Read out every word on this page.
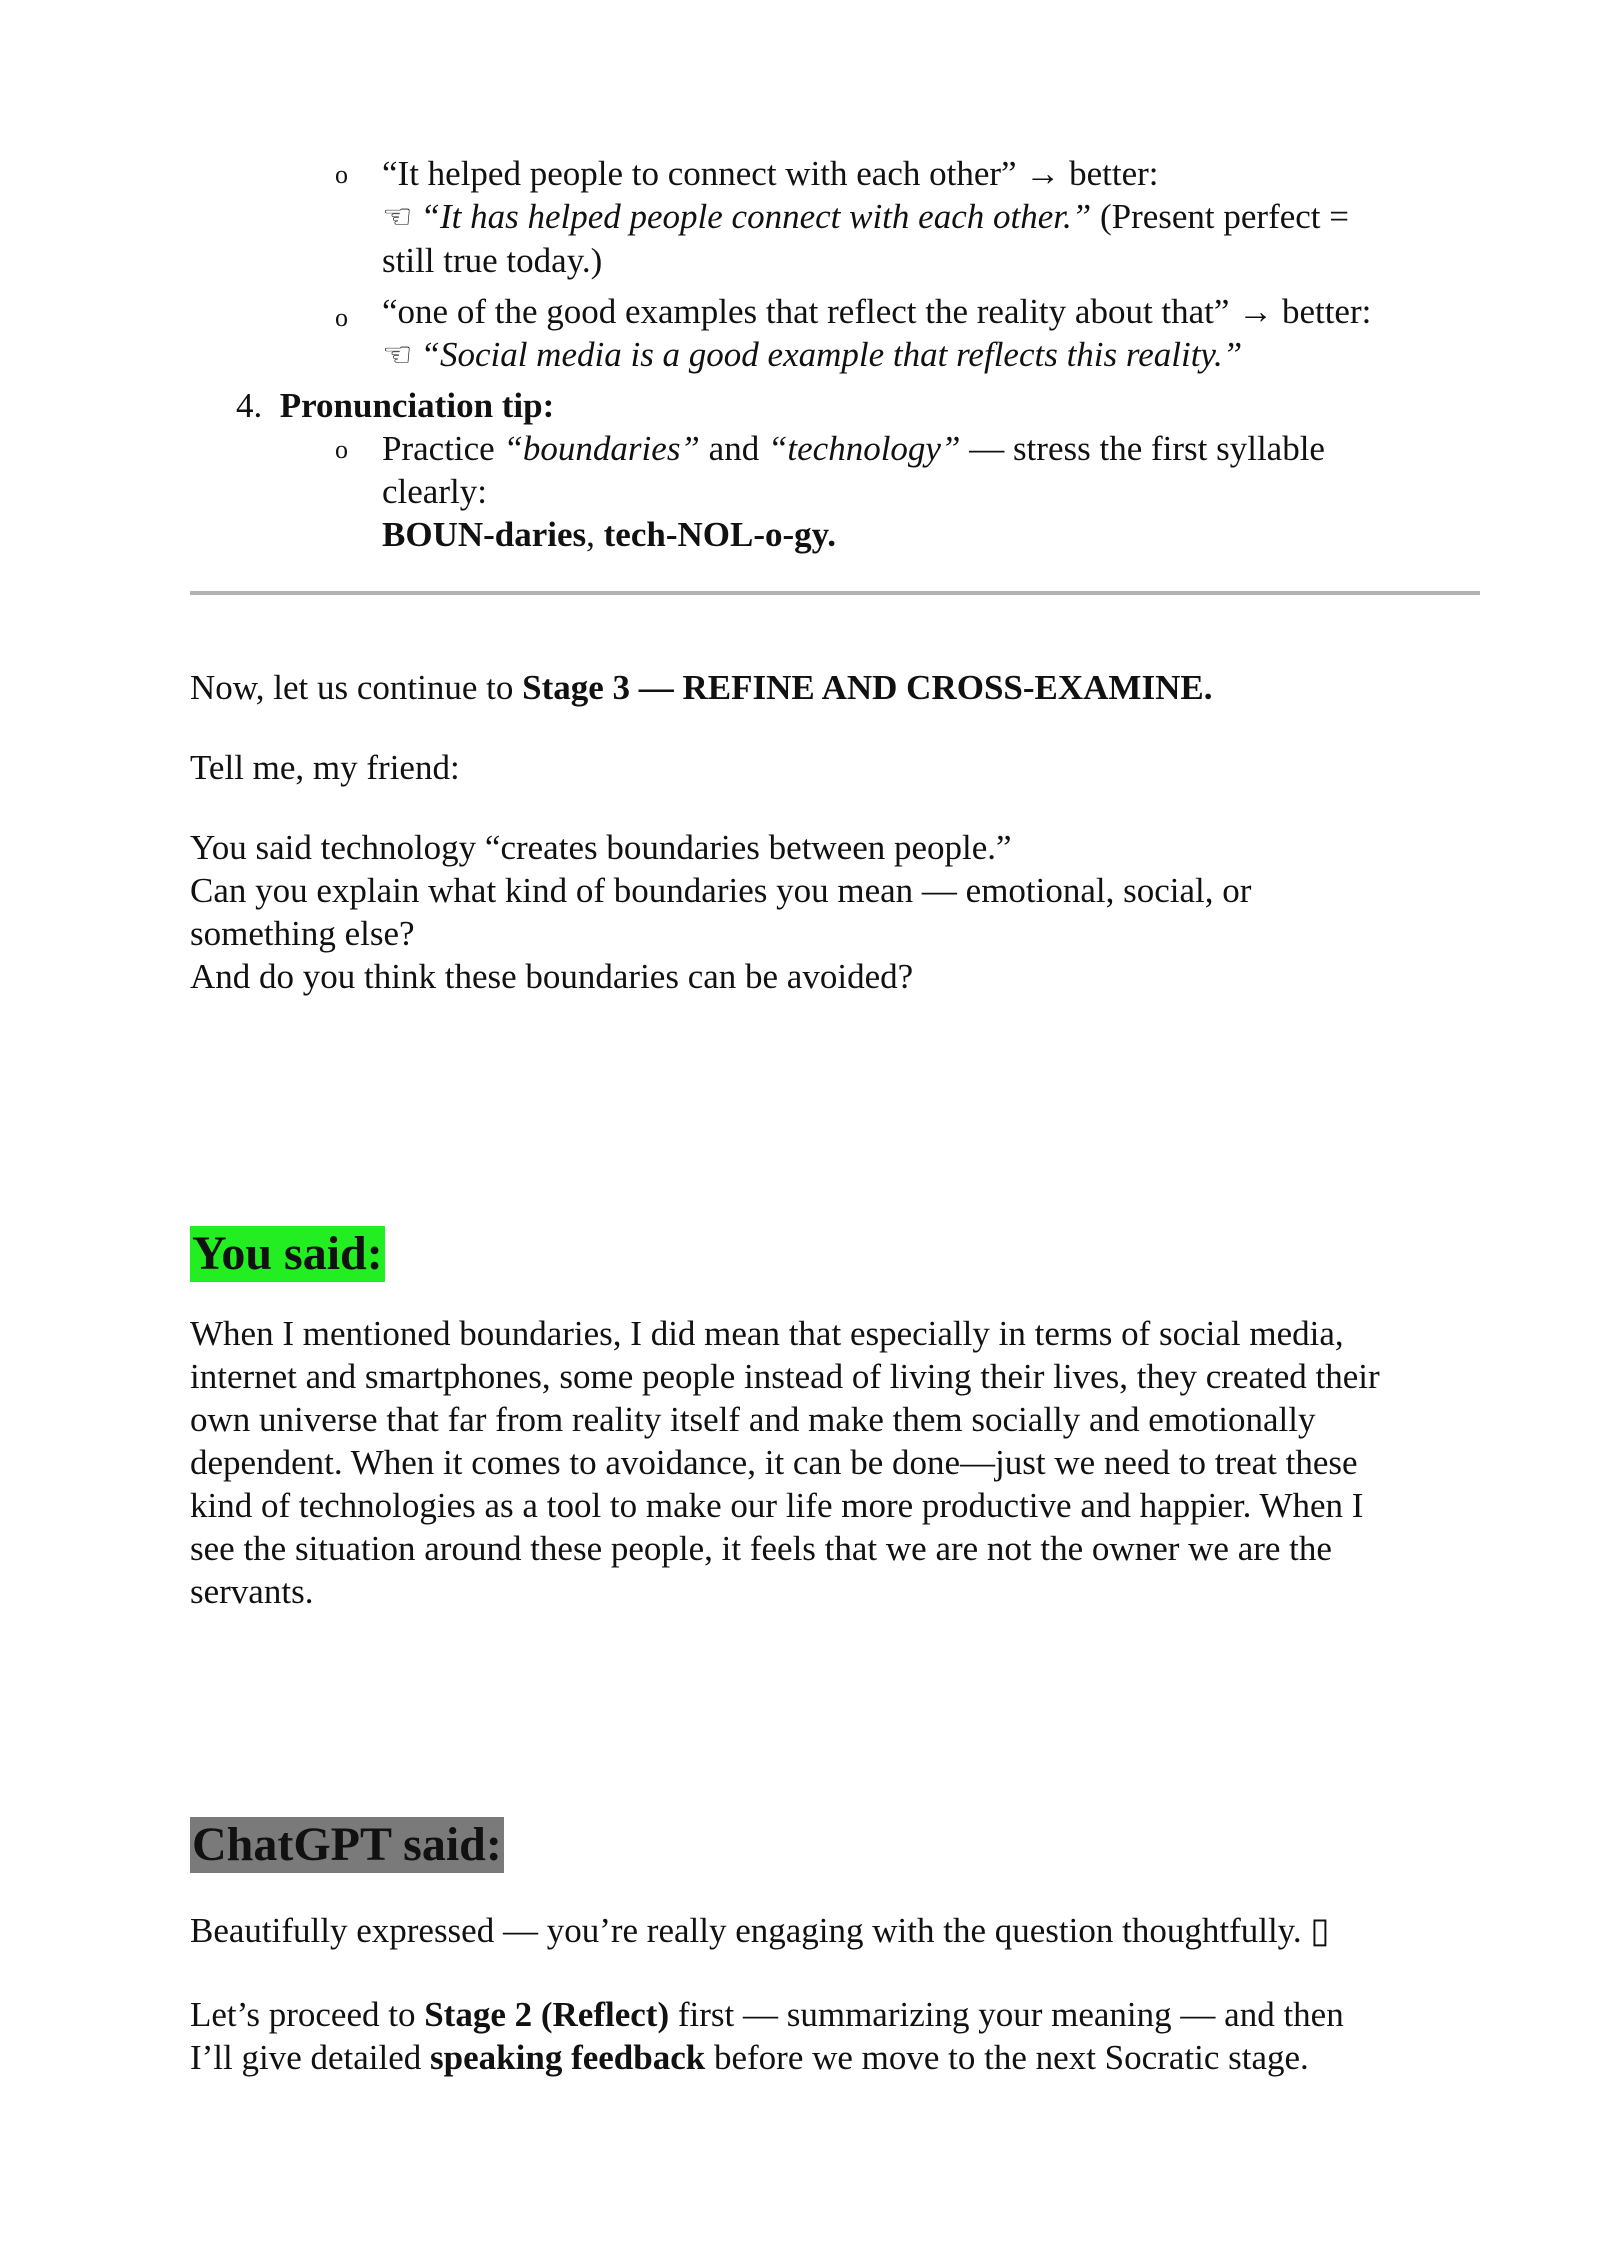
o “It helped people to connect with each other” → better:
☞ “It has helped people connect with each other.” (Present perfect =
still true today.)
o “one of the good examples that reflect the reality about that” → better:
☞ “Social media is a good example that reflects this reality.”
4. Pronunciation tip:
o Practice “boundaries” and “technology” — stress the first syllable
clearly:
BOUN-daries, tech-NOL-o-gy.
Now, let us continue to Stage 3 — REFINE AND CROSS-EXAMINE.
Tell me, my friend:
You said technology “creates boundaries between people.”
Can you explain what kind of boundaries you mean — emotional, social, or
something else?
And do you think these boundaries can be avoided?
You said:
When I mentioned boundaries, I did mean that especially in terms of social media,
internet and smartphones, some people instead of living their lives, they created their
own universe that far from reality itself and make them socially and emotionally
dependent. When it comes to avoidance, it can be done—just we need to treat these
kind of technologies as a tool to make our life more productive and happier. When I
see the situation around these people, it feels that we are not the owner we are the
servants.
ChatGPT said:
Beautifully expressed — you’re really engaging with the question thoughtfully. ▯
Let’s proceed to Stage 2 (Reflect) first — summarizing your meaning — and then
I’ll give detailed speaking feedback before we move to the next Socratic stage.
